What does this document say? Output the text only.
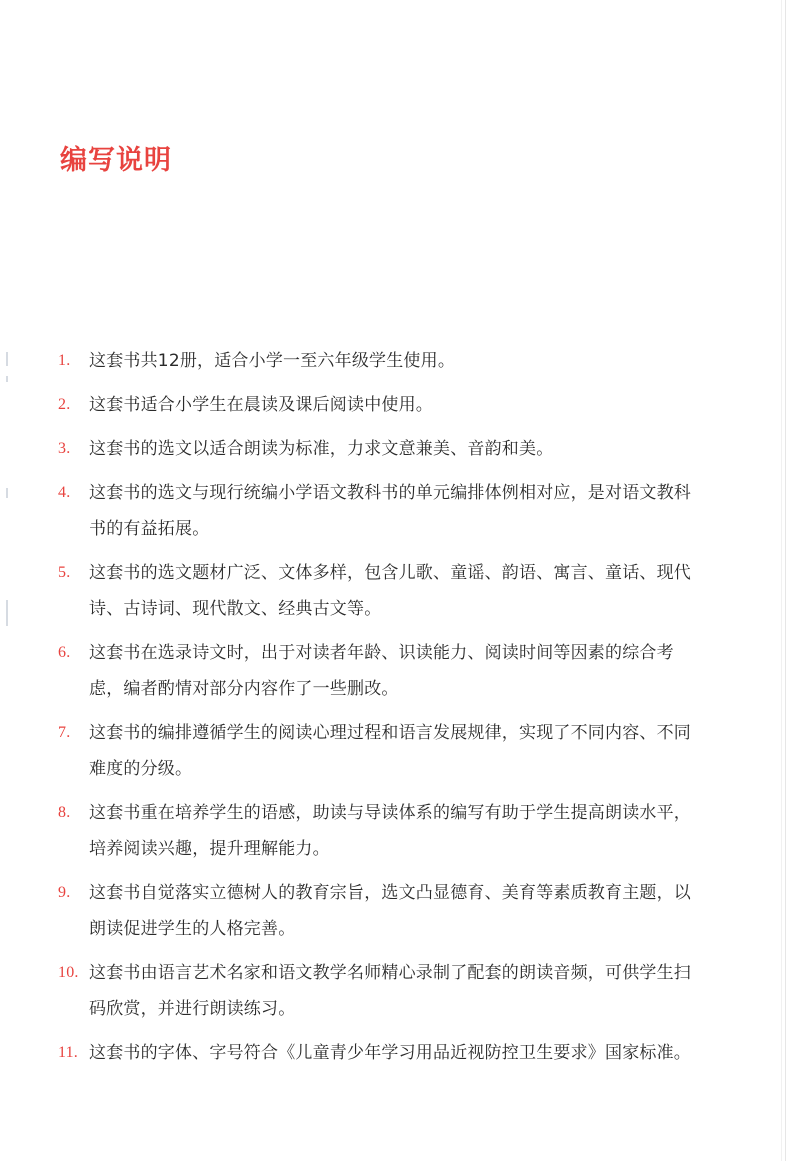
编写说明
1. 这套书共12册，适合小学一至六年级学生使用。
2. 这套书适合小学生在晨读及课后阅读中使用。
3. 这套书的选文以适合朗读为标准，力求文意兼美、音韵和美。
4. 这套书的选文与现行统编小学语文教科书的单元编排体例相对应，是对语文教科书的有益拓展。
5. 这套书的选文题材广泛、文体多样，包含儿歌、童谣、韵语、寓言、童话、现代诗、古诗词、现代散文、经典古文等。
6. 这套书在选录诗文时，出于对读者年龄、识读能力、阅读时间等因素的综合考虑，编者酌情对部分内容作了一些删改。
7. 这套书的编排遵循学生的阅读心理过程和语言发展规律，实现了不同内容、不同难度的分级。
8. 这套书重在培养学生的语感，助读与导读体系的编写有助于学生提高朗读水平，培养阅读兴趣，提升理解能力。
9. 这套书自觉落实立德树人的教育宗旨，选文凸显德育、美育等素质教育主题，以朗读促进学生的人格完善。
10. 这套书由语言艺术名家和语文教学名师精心录制了配套的朗读音频，可供学生扫码欣赏，并进行朗读练习。
11. 这套书的字体、字号符合《儿童青少年学习用品近视防控卫生要求》国家标准。
